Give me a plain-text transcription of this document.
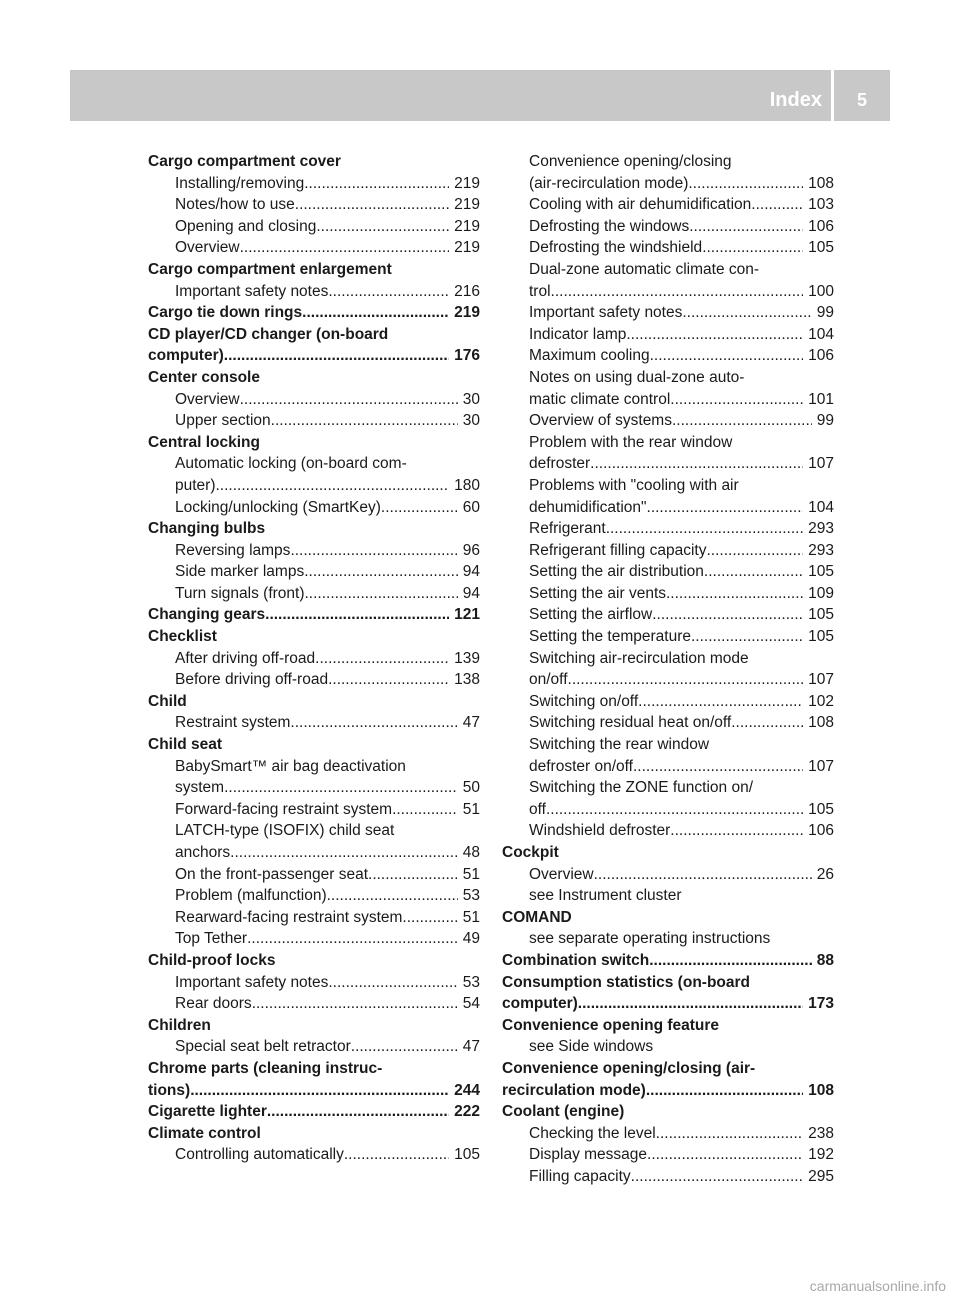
Index	5
Cargo compartment cover
Installing/removing .....	219
Notes/how to use .....	219
Opening and closing .....	219
Overview .....	219
Cargo compartment enlargement
Important safety notes .....	216
Cargo tie down rings .....	219
CD player/CD changer (on-board
computer) .....	176
Center console
Overview .....	30
Upper section .....	30
Central locking
Automatic locking (on-board com-
puter) .....	180
Locking/unlocking (SmartKey) .....	60
Changing bulbs
Reversing lamps .....	96
Side marker lamps .....	94
Turn signals (front) .....	94
Changing gears .....	121
Checklist
After driving off-road .....	139
Before driving off-road .....	138
Child
Restraint system .....	47
Child seat
BabySmart™ air bag deactivation
system .....	50
Forward-facing restraint system .....	51
LATCH-type (ISOFIX) child seat
anchors .....	48
On the front-passenger seat .....	51
Problem (malfunction) .....	53
Rearward-facing restraint system .....	51
Top Tether .....	49
Child-proof locks
Important safety notes .....	53
Rear doors .....	54
Children
Special seat belt retractor .....	47
Chrome parts (cleaning instruc-
tions) .....	244
Cigarette lighter .....	222
Climate control
Controlling automatically .....	105
Convenience opening/closing
(air-recirculation mode) .....	108
Cooling with air dehumidification .....	103
Defrosting the windows .....	106
Defrosting the windshield .....	105
Dual-zone automatic climate con-
trol .....	100
Important safety notes .....	99
Indicator lamp .....	104
Maximum cooling .....	106
Notes on using dual-zone auto-
matic climate control .....	101
Overview of systems .....	99
Problem with the rear window
defroster .....	107
Problems with "cooling with air
dehumidification" .....	104
Refrigerant .....	293
Refrigerant filling capacity .....	293
Setting the air distribution .....	105
Setting the air vents .....	109
Setting the airflow .....	105
Setting the temperature .....	105
Switching air-recirculation mode
on/off .....	107
Switching on/off .....	102
Switching residual heat on/off .....	108
Switching the rear window
defroster on/off .....	107
Switching the ZONE function on/
off .....	105
Windshield defroster .....	106
Cockpit
Overview .....	26
see Instrument cluster
COMAND
see separate operating instructions
Combination switch .....	88
Consumption statistics (on-board
computer) .....	173
Convenience opening feature
see Side windows
Convenience opening/closing (air-
recirculation mode) .....	108
Coolant (engine)
Checking the level .....	238
Display message .....	192
Filling capacity .....	295
carmanualsonline.info
